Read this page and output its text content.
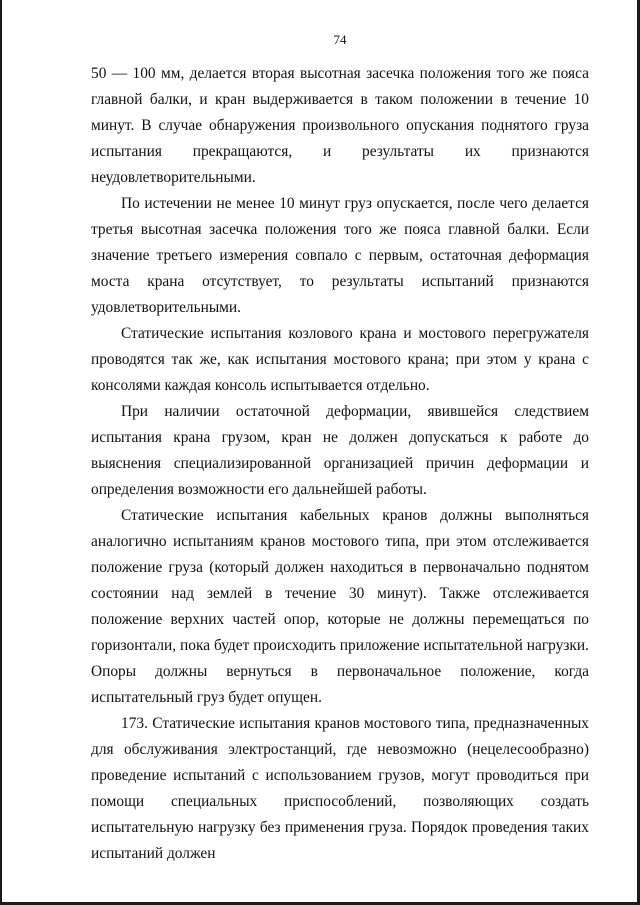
74

50 — 100 мм, делается вторая высотная засечка положения того же пояса главной балки, и кран выдерживается в таком положении в течение 10 минут. В случае обнаружения произвольного опускания поднятого груза испытания прекращаются, и результаты их признаются неудовлетворительными.

По истечении не менее 10 минут груз опускается, после чего делается третья высотная засечка положения того же пояса главной балки. Если значение третьего измерения совпало с первым, остаточная деформация моста крана отсутствует, то результаты испытаний признаются удовлетворительными.

Статические испытания козлового крана и мостового перегружателя проводятся так же, как испытания мостового крана; при этом у крана с консолями каждая консоль испытывается отдельно.

При наличии остаточной деформации, явившейся следствием испытания крана грузом, кран не должен допускаться к работе до выяснения специализированной организацией причин деформации и определения возможности его дальнейшей работы.

Статические испытания кабельных кранов должны выполняться аналогично испытаниям кранов мостового типа, при этом отслеживается положение груза (который должен находиться в первоначально поднятом состоянии над землей в течение 30 минут). Также отслеживается положение верхних частей опор, которые не должны перемещаться по горизонтали, пока будет происходить приложение испытательной нагрузки. Опоры должны вернуться в первоначальное положение, когда испытательный груз будет опущен.

173. Статические испытания кранов мостового типа, предназначенных для обслуживания электростанций, где невозможно (нецелесообразно) проведение испытаний с использованием грузов, могут проводиться при помощи специальных приспособлений, позволяющих создать испытательную нагрузку без применения груза. Порядок проведения таких испытаний должен
